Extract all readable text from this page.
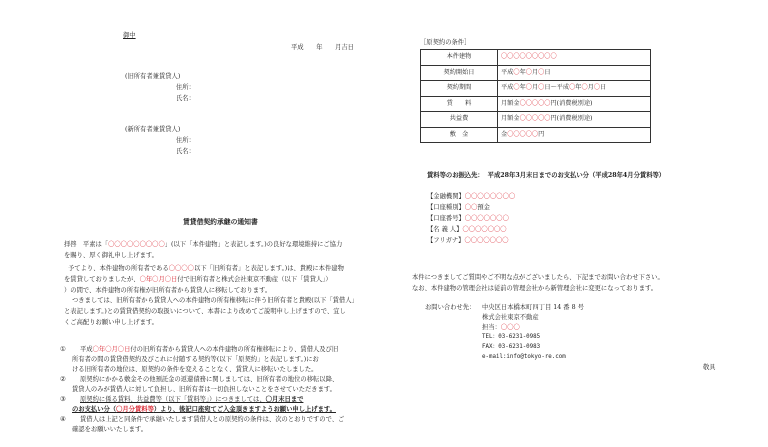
御中
平成　　年　　月吉日
(旧所有者兼賃貸人)
住所：
氏名：
(新所有者兼賃貸人)
住所：
氏名：
賃貸借契約承継の通知書
拝啓　平素は「〇〇〇〇〇〇〇〇〇」(以下「本件建物」と表記します。)の良好な環境維持にご協力
を賜り、厚く御礼申し上げます。
予てより、本件建物の所有者である〇〇〇〇以下「旧所有者」と表記します。)は、貴殿に本件建物
を賃貸しておりましたが、〇年〇月〇日付で旧所有者と株式会社東京不動産（以下「賃貸人」）
）の間で、本件建物の所有権が旧所有者から賃貸人に移転しております。
つきましては、旧所有者から賃貸人への本件建物の所有権移転に伴う旧所有者と貴殿(以下「賃借人」
と表記します。)との賃貸借契約の取扱いについて、本書により改めてご説明申し上げますので、宜し
くご高配りお願い申し上げます。
① 平成〇年〇月〇日付の旧所有者から賃貸人への本件建物の所有権移転により、賃借人及び旧
所有者の間の賃貸借契約及びこれに付随する契約等(以下「原契約」と表記します。)にお
ける旧所有者の地位は、原契約の条件を変えることなく、賃貸人に移転いたしました。
② 原契約にかかる敷金その他預託金の返還債務に関しましては、旧所有者の地位の移転以降、
賃貸人のみが賃借人に対して負担し、旧所有者は一切負担しないことをさせていただきます。
③ 原契約に係る賃料、共益費等（以下「賃料等」）につきましては、〇月末日まで
のお支払い分（〇月分賃料等）より、後記口座宛てご入金頂きますようお願い申し上げます。
④ 賃借人は上記と同条件で承継いたします賃借人との原契約の条件は、次のとおりですので、ご
確認をお願いいたします。
［原契約の条件］
本件建物	〇〇〇〇〇〇〇〇〇
契約開始日	平成〇年〇月〇日
契約期間	平成〇年〇月〇日～平成〇年〇月〇日
賃　　料	月額金〇〇〇〇〇円(消費税別途)
共益費	月額金〇〇〇〇〇円(消費税別途)
敷　金	金〇〇〇〇〇円
賃料等のお振込先： 平成28年3月末日までのお支払い分（平成28年4月分賃料等）
【金融機関】〇〇〇〇〇〇〇〇
【口座種別】〇〇預金
【口座番号】〇〇〇〇〇〇〇
【名 義 人】〇〇〇〇〇〇〇
【フリガナ】〇〇〇〇〇〇〇
本件につきましてご質問やご不明な点がございましたら、下記までお問い合わせ下さい。
なお、本件建物の管理会社は従前の管理会社から新管理会社に変更になっております。
お問い合わせ先： 中央区日本橋本町四丁目 14 番 8 号
株式会社東京不動産
担当：〇〇〇
TEL：03-6231-0985
FAX：03-6231-0983
e-mail:info@tokyo-re.com
敬具
